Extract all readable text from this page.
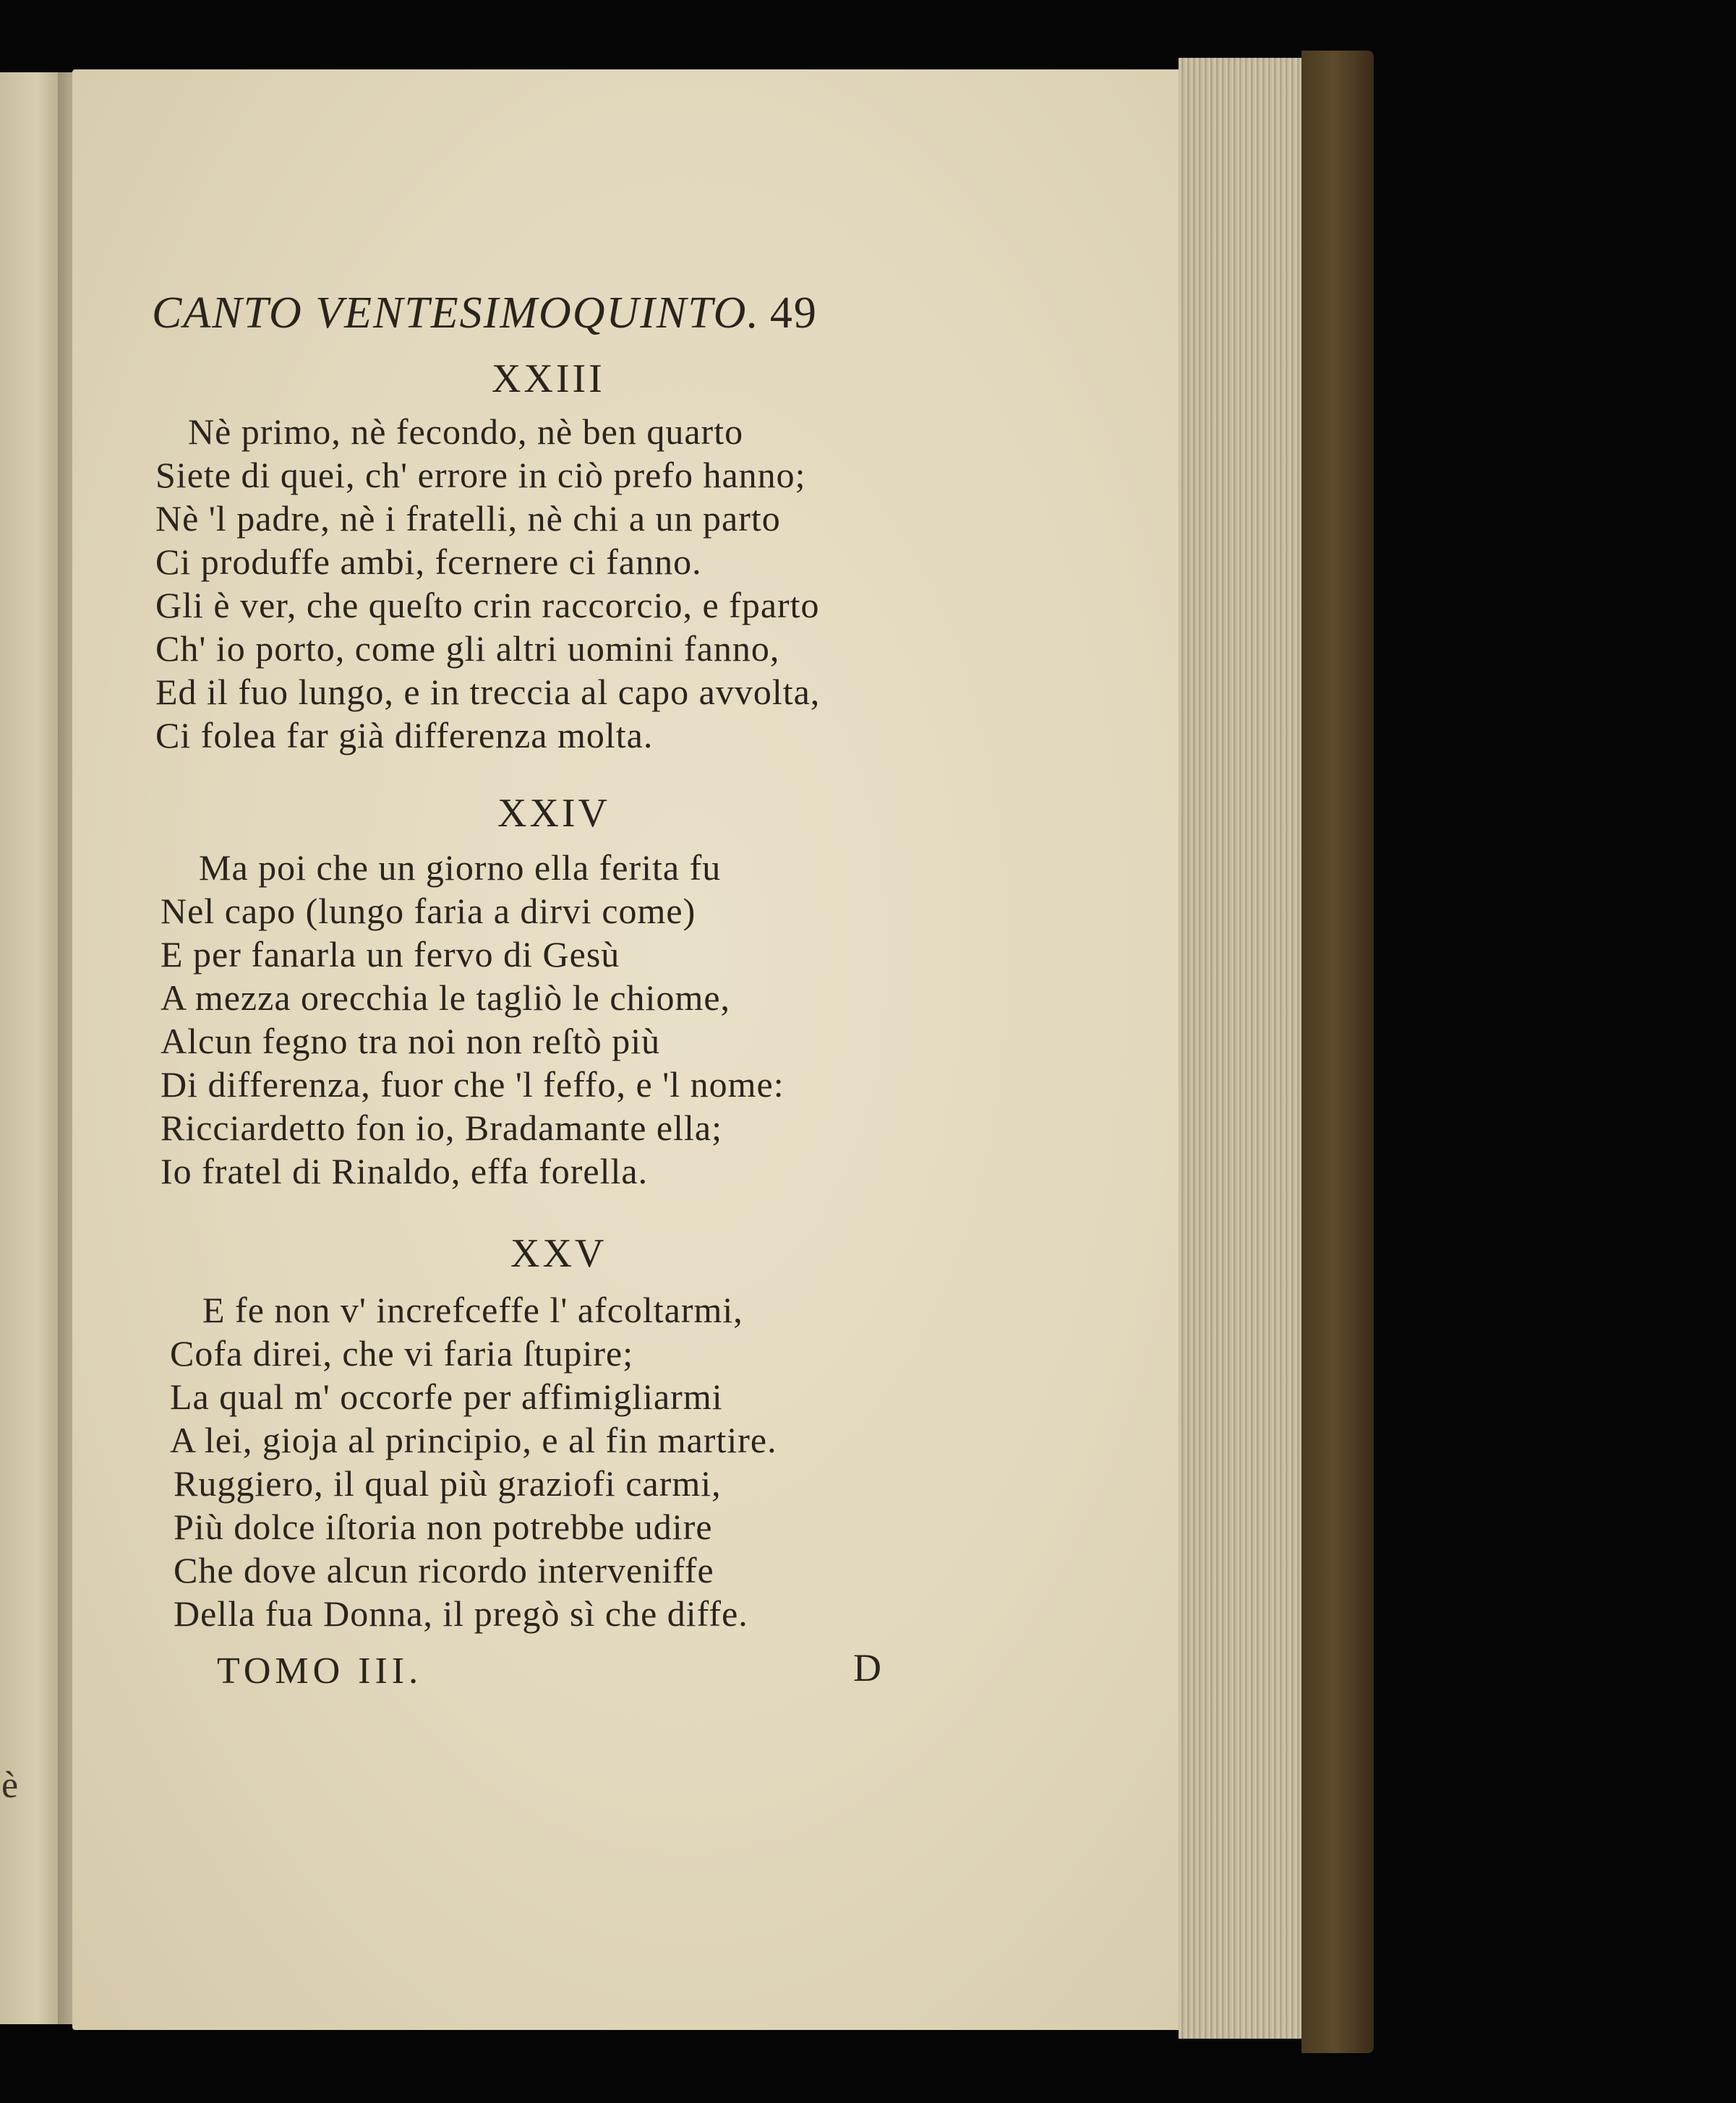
è
CANTO VENTESIMOQUINTO. 49
XXIII
Nè primo, nè fecondo, nè ben quarto
Siete di quei, ch' errore in ciò prefo hanno;
Nè 'l padre, nè i fratelli, nè chi a un parto
Ci produffe ambi, fcernere ci fanno.
Gli è ver, che queſto crin raccorcio, e fparto
Ch' io porto, come gli altri uomini fanno,
Ed il fuo lungo, e in treccia al capo avvolta,
Ci folea far già differenza molta.
XXIV
Ma poi che un giorno ella ferita fu
Nel capo (lungo faria a dirvi come)
E per fanarla un fervo di Gesù
A mezza orecchia le tagliò le chiome,
Alcun fegno tra noi non reſtò più
Di differenza, fuor che 'l feffo, e 'l nome:
Ricciardetto fon io, Bradamante ella;
Io fratel di Rinaldo, effa forella.
XXV
E fe non v' increfceffe l' afcoltarmi,
Cofa direi, che vi faria ſtupire;
La qual m' occorfe per affimigliarmi
A lei, gioja al principio, e al fin martire.
Ruggiero, il qual più graziofi carmi,
Più dolce iſtoria non potrebbe udire
Che dove alcun ricordo interveniffe
Della fua Donna, il pregò sì che diffe.
TOMO III.	D
